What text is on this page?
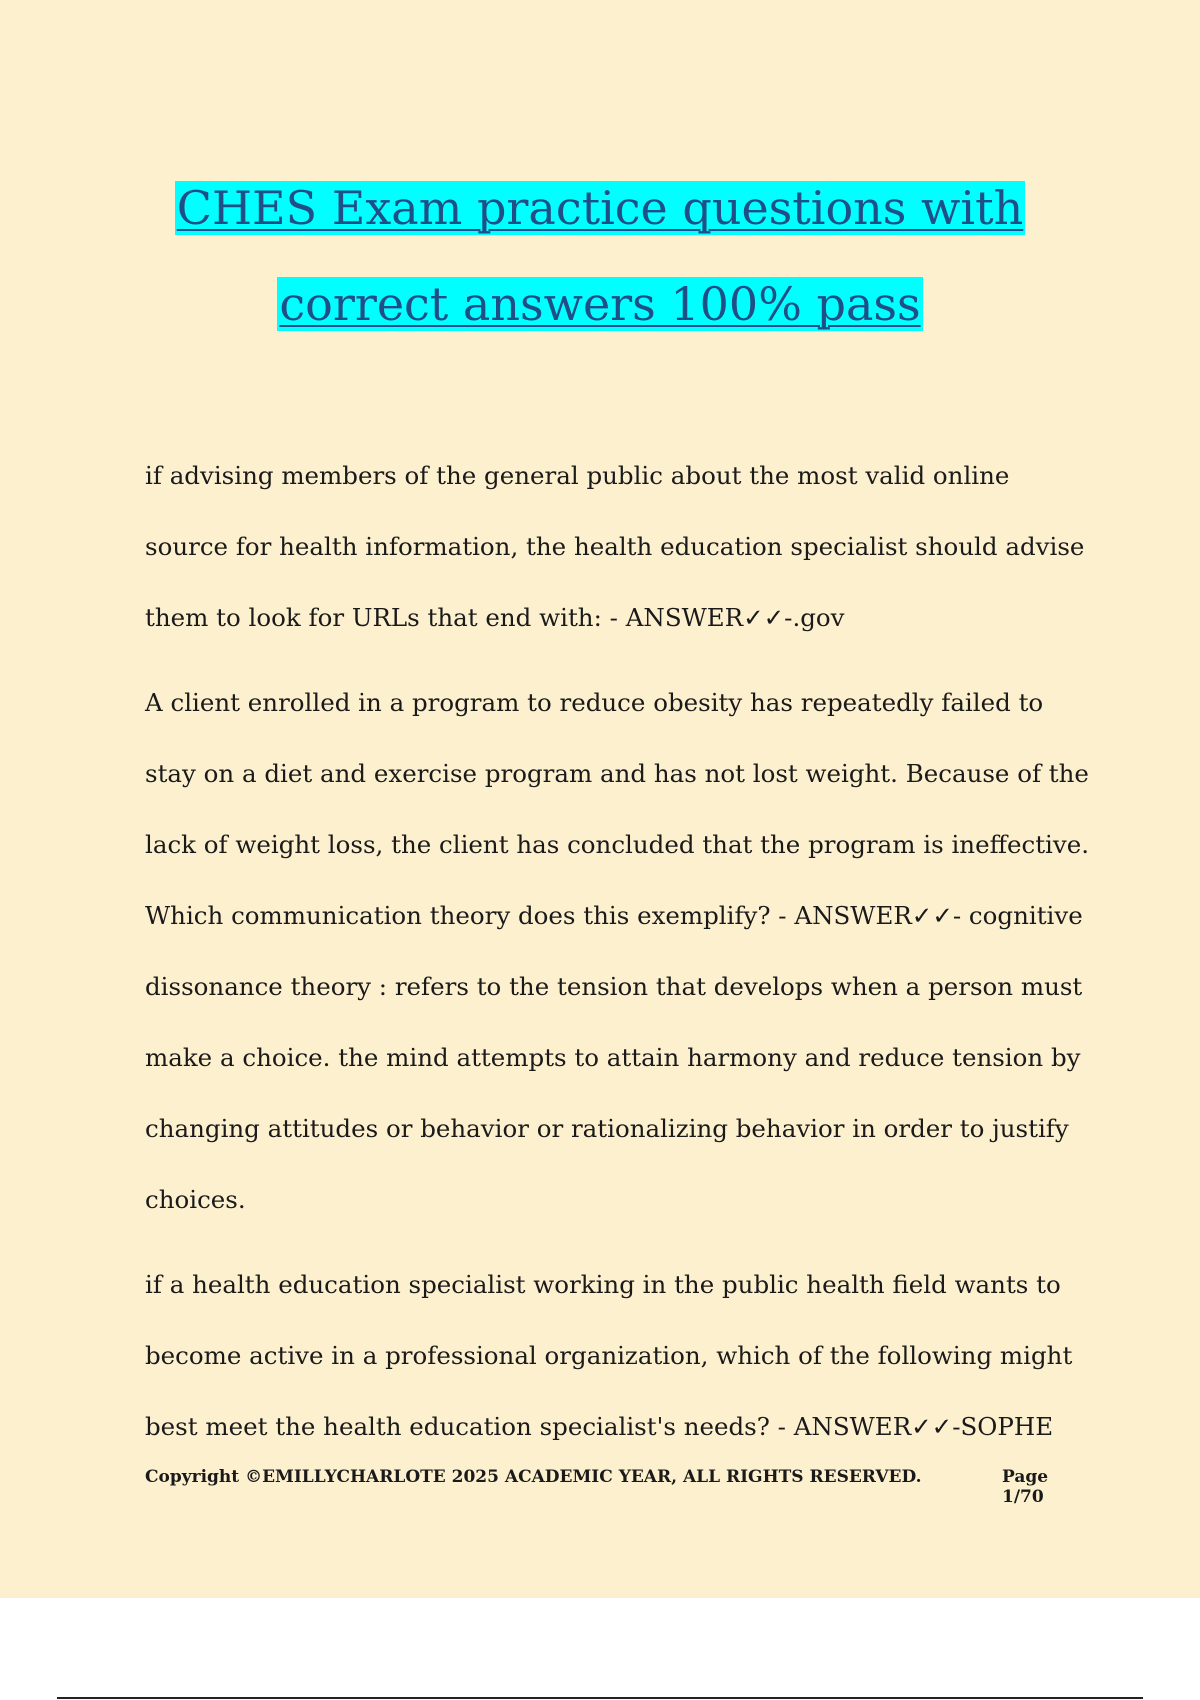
CHES Exam practice questions with
correct answers 100% pass

if advising members of the general public about the most valid online source for health information, the health education specialist should advise them to look for URLs that end with: - ANSWER✓✓-.gov

A client enrolled in a program to reduce obesity has repeatedly failed to stay on a diet and exercise program and has not lost weight. Because of the lack of weight loss, the client has concluded that the program is ineffective. Which communication theory does this exemplify? - ANSWER✓✓- cognitive dissonance theory : refers to the tension that develops when a person must make a choice. the mind attempts to attain harmony and reduce tension by changing attitudes or behavior or rationalizing behavior in order to justify choices.

if a health education specialist working in the public health field wants to become active in a professional organization, which of the following might best meet the health education specialist's needs? - ANSWER✓✓-SOPHE

Copyright ©EMILLYCHARLOTE 2025 ACADEMIC YEAR, ALL RIGHTS RESERVED.	Page 1/70
